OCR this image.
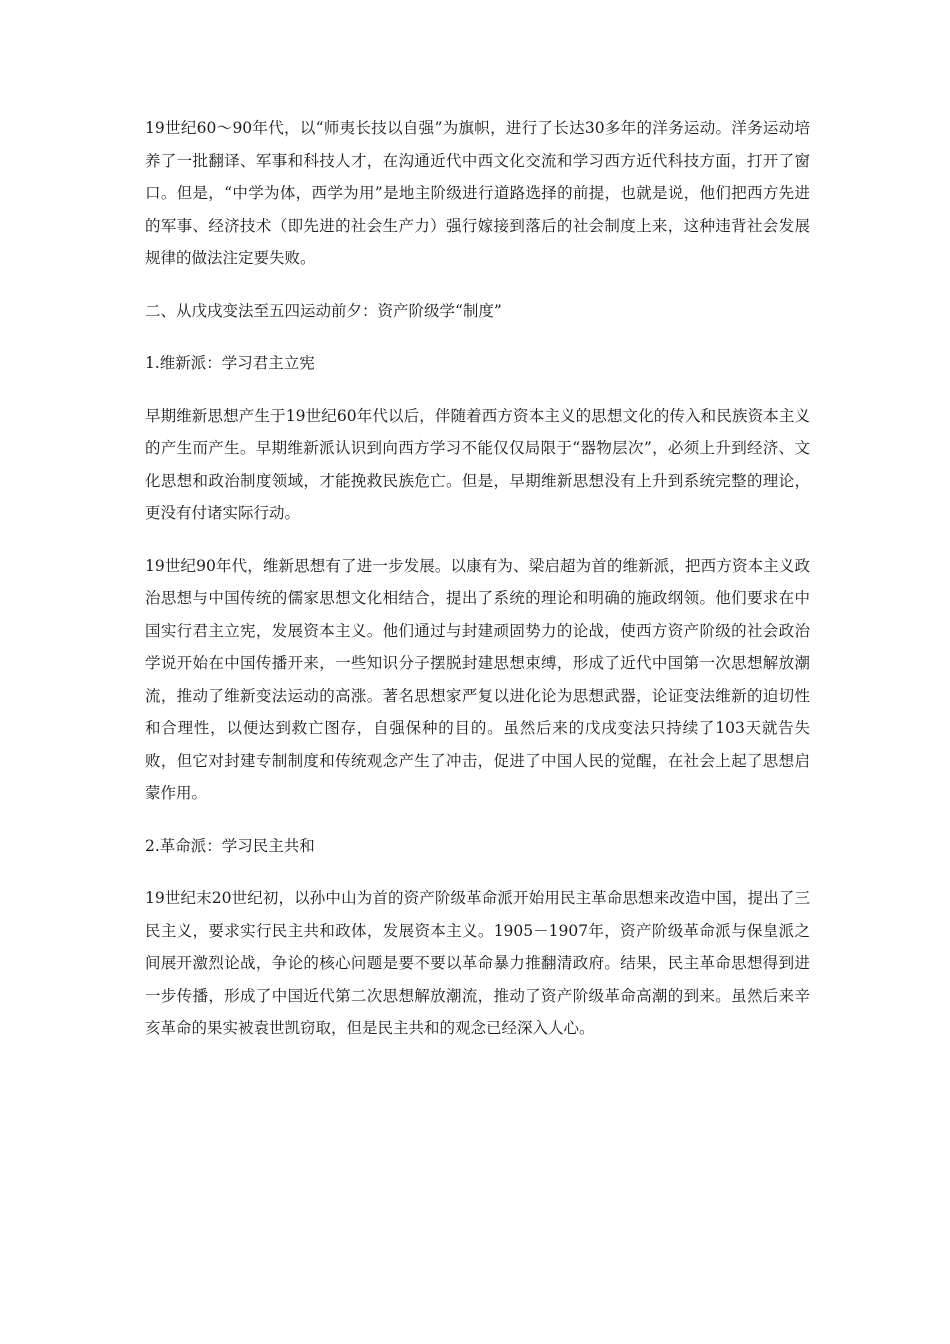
19世纪60～90年代，以“师夷长技以自强”为旗帜，进行了长达30多年的洋务运动。洋务运动培养了一批翻译、军事和科技人才，在沟通近代中西文化交流和学习西方近代科技方面，打开了窗口。但是，“中学为体，西学为用”是地主阶级进行道路选择的前提，也就是说，他们把西方先进的军事、经济技术（即先进的社会生产力）强行嫁接到落后的社会制度上来，这种违背社会发展规律的做法注定要失败。

二、从戊戌变法至五四运动前夕：资产阶级学“制度”

1.维新派：学习君主立宪

早期维新思想产生于19世纪60年代以后，伴随着西方资本主义的思想文化的传入和民族资本主义的产生而产生。早期维新派认识到向西方学习不能仅仅局限于“器物层次”，必须上升到经济、文化思想和政治制度领域，才能挽救民族危亡。但是，早期维新思想没有上升到系统完整的理论，更没有付诸实际行动。

19世纪90年代，维新思想有了进一步发展。以康有为、梁启超为首的维新派，把西方资本主义政治思想与中国传统的儒家思想文化相结合，提出了系统的理论和明确的施政纲领。他们要求在中国实行君主立宪，发展资本主义。他们通过与封建顽固势力的论战，使西方资产阶级的社会政治学说开始在中国传播开来，一些知识分子摆脱封建思想束缚，形成了近代中国第一次思想解放潮流，推动了维新变法运动的高涨。著名思想家严复以进化论为思想武器，论证变法维新的迫切性和合理性，以便达到救亡图存，自强保种的目的。虽然后来的戊戌变法只持续了103天就告失败，但它对封建专制制度和传统观念产生了冲击，促进了中国人民的觉醒，在社会上起了思想启蒙作用。

2.革命派：学习民主共和

19世纪末20世纪初，以孙中山为首的资产阶级革命派开始用民主革命思想来改造中国，提出了三民主义，要求实行民主共和政体，发展资本主义。1905－1907年，资产阶级革命派与保皇派之间展开激烈论战，争论的核心问题是要不要以革命暴力推翻清政府。结果，民主革命思想得到进一步传播，形成了中国近代第二次思想解放潮流，推动了资产阶级革命高潮的到来。虽然后来辛亥革命的果实被袁世凯窃取，但是民主共和的观念已经深入人心。
